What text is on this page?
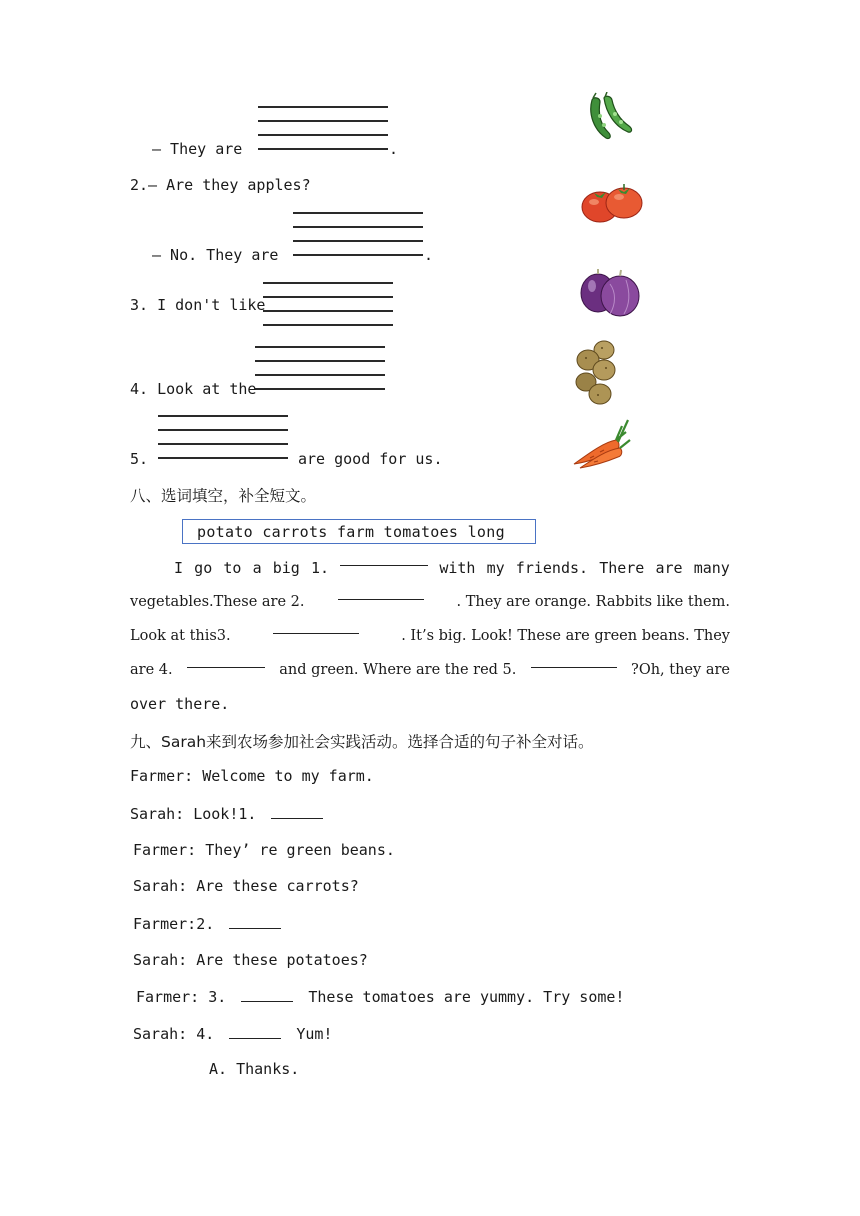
— They are	.
2.— Are they apples?
— No. They are	.
3. I don't like
4. Look at the
5.	are good for us.
八、选词填空，补全短文。
potato carrots farm tomatoes long
I go to a big 1.	with my friends. There are many
vegetables.These are 2.	. They are orange. Rabbits like them.
Look at this3.	. It’s big. Look! These are green beans. They
are 4.	and green. Where are the red 5.	?Oh, they are
over there.
九、Sarah来到农场参加社会实践活动。选择合适的句子补全对话。
Farmer: Welcome to my farm.
Sarah: Look!1.
Farmer: They’ re green beans.
Sarah: Are these carrots?
Farmer:2.
Sarah: Are these potatoes?
Farmer: 3.	These tomatoes are yummy. Try some!
Sarah: 4.	Yum!
A. Thanks.
